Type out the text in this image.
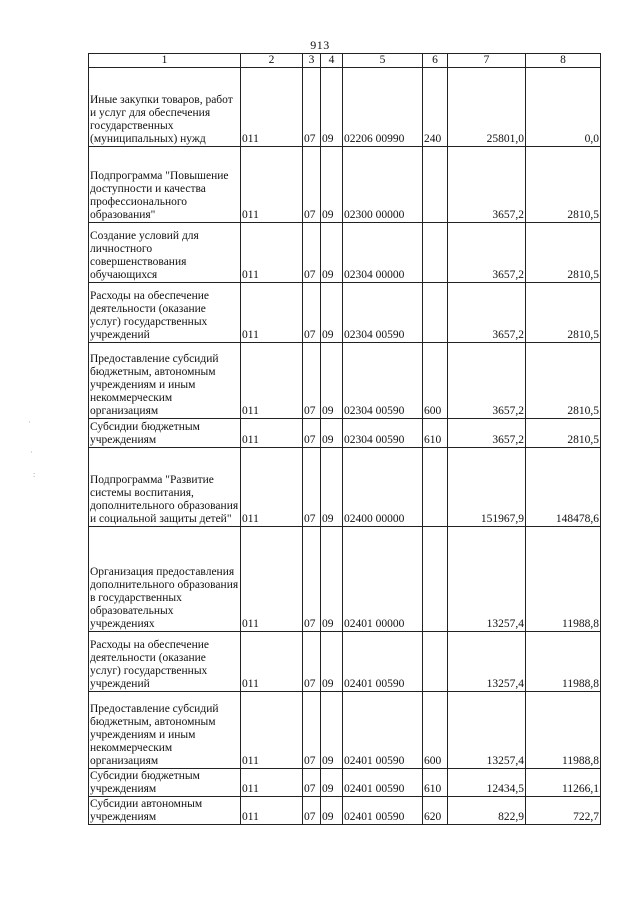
913
1	2	3	4	5	6	7	8
Иные закупки товаров, работ и услуг для обеспечения государственных (муниципальных) нужд	011	07	09	02206 00990	240	25801,0	0,0
Подпрограмма "Повышение доступности и качества профессионального образования"	011	07	09	02300 00000		3657,2	2810,5
Создание условий для личностного совершенствования обучающихся	011	07	09	02304 00000		3657,2	2810,5
Расходы на обеспечение деятельности (оказание услуг) государственных учреждений	011	07	09	02304 00590		3657,2	2810,5
Предоставление субсидий бюджетным, автономным учреждениям и иным некоммерческим организациям	011	07	09	02304 00590	600	3657,2	2810,5
Субсидии бюджетным учреждениям	011	07	09	02304 00590	610	3657,2	2810,5
Подпрограмма "Развитие системы воспитания, дополнительного образования и социальной защиты детей"	011	07	09	02400 00000		151967,9	148478,6
Организация предоставления дополнительного образования в государственных образовательных учреждениях	011	07	09	02401 00000		13257,4	11988,8
Расходы на обеспечение деятельности (оказание услуг) государственных учреждений	011	07	09	02401 00590		13257,4	11988,8
Предоставление субсидий бюджетным, автономным учреждениям и иным некоммерческим организациям	011	07	09	02401 00590	600	13257,4	11988,8
Субсидии бюджетным учреждениям	011	07	09	02401 00590	610	12434,5	11266,1
Субсидии автономным учреждениям	011	07	09	02401 00590	620	822,9	722,7
·
·
:
